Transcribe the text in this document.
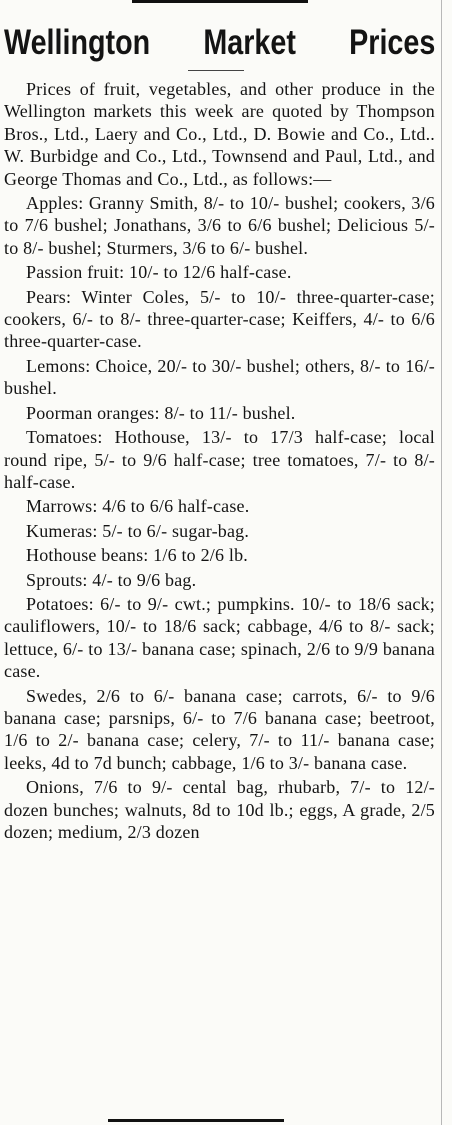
Wellington Market Prices

Prices of fruit, vegetables, and other produce in the Wellington markets this week are quoted by Thompson Bros., Ltd., Laery and Co., Ltd., D. Bowie and Co., Ltd.. W. Burbidge and Co., Ltd., Townsend and Paul, Ltd., and George Thomas and Co., Ltd., as follows:—

Apples: Granny Smith, 8/- to 10/- bushel; cookers, 3/6 to 7/6 bushel; Jonathans, 3/6 to 6/6 bushel; Delicious 5/- to 8/- bushel; Sturmers, 3/6 to 6/- bushel.

Passion fruit: 10/- to 12/6 half-case.

Pears: Winter Coles, 5/- to 10/- three-quarter-case; cookers, 6/- to 8/- three-quarter-case; Keiffers, 4/- to 6/6 three-quarter-case.

Lemons: Choice, 20/- to 30/- bushel; others, 8/- to 16/- bushel.

Poorman oranges: 8/- to 11/- bushel.

Tomatoes: Hothouse, 13/- to 17/3 half-case; local round ripe, 5/- to 9/6 half-case; tree tomatoes, 7/- to 8/- half-case.

Marrows: 4/6 to 6/6 half-case.

Kumeras: 5/- to 6/- sugar-bag.

Hothouse beans: 1/6 to 2/6 lb.

Sprouts: 4/- to 9/6 bag.

Potatoes: 6/- to 9/- cwt.; pumpkins. 10/- to 18/6 sack; cauliflowers, 10/- to 18/6 sack; cabbage, 4/6 to 8/- sack; lettuce, 6/- to 13/- banana case; spinach, 2/6 to 9/9 banana case.

Swedes, 2/6 to 6/- banana case; carrots, 6/- to 9/6 banana case; parsnips, 6/- to 7/6 banana case; beetroot, 1/6 to 2/- banana case; celery, 7/- to 11/- banana case; leeks, 4d to 7d bunch; cabbage, 1/6 to 3/- banana case.

Onions, 7/6 to 9/- cental bag, rhubarb, 7/- to 12/- dozen bunches; walnuts, 8d to 10d lb.; eggs, A grade, 2/5 dozen; medium, 2/3 dozen
